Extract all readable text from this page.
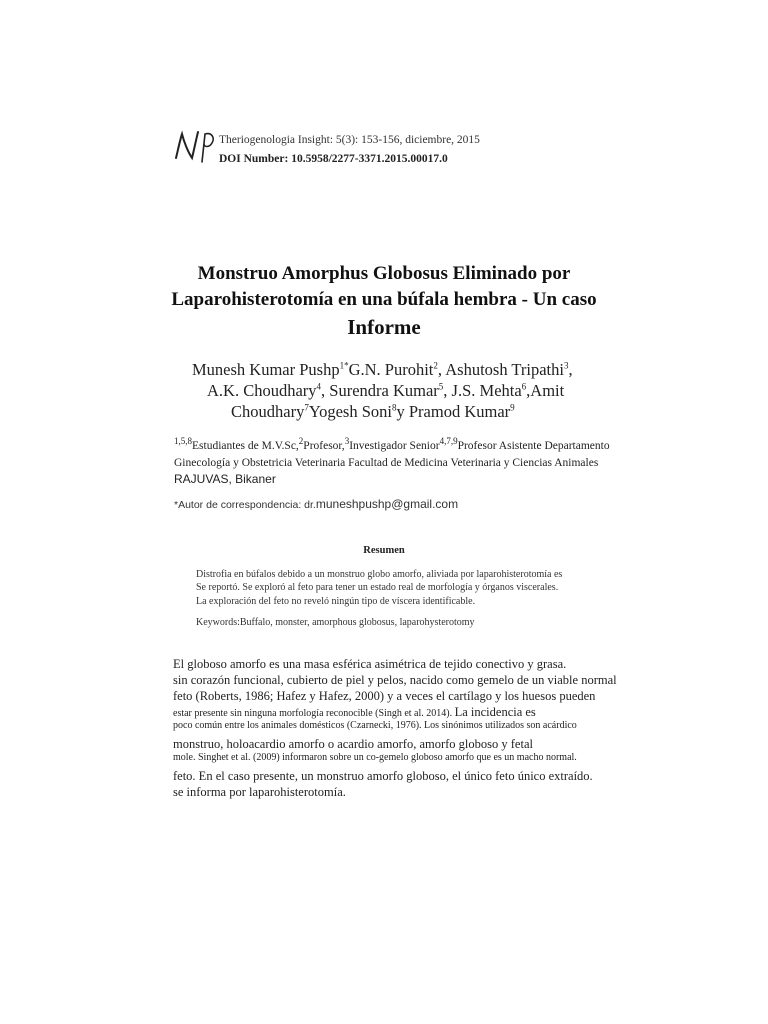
Theriogenologia Insight: 5(3): 153-156, diciembre, 2015
DOI Number: 10.5958/2277-3371.2015.00017.0
Monstruo Amorphus Globosus Eliminado por
Laparohisterotomía en una búfala hembra - Un caso
Informe
Munesh Kumar Pushp$^{1*}$G.N. Purohit$^2$, Ashutosh Tripathi$^3$,
A.K. Choudhary$^4$, Surendra Kumar$^5$, J.S. Mehta$^6$,Amit
Choudhary$^7$Yogesh Soni$^8$y Pramod Kumar$^9$
$^{1,5,8}$Estudiantes de M.V.Sc,$^2$Profesor,$^3$Investigador Senior$^{4,7,9}$Profesor Asistente Departamento
Ginecología y Obstetricia Veterinaria Facultad de Medicina Veterinaria y Ciencias Animales
RAJUVAS, Bikaner
*Autor de correspondencia: dr.muneshpushp@gmail.com
Resumen
Distrofia en búfalos debido a un monstruo globo amorfo, aliviada por laparohisterotomía es
Se reportó. Se exploró al feto para tener un estado real de morfología y órganos viscerales.
La exploración del feto no reveló ningún tipo de víscera identificable.
Keywords:Buffalo, monster, amorphous globosus, laparohysterotomy
El globoso amorfo es una masa esférica asimétrica de tejido conectivo y grasa.
sin corazón funcional, cubierto de piel y pelos, nacido como gemelo de un viable normal
feto (Roberts, 1986; Hafez y Hafez, 2000) y a veces el cartílago y los huesos pueden
estar presente sin ninguna morfología reconocible (Singh et al. 2014). La incidencia es
poco común entre los animales domésticos (Czarnecki, 1976). Los sinónimos utilizados son acárdico
monstruo, holoacardio amorfo o acardio amorfo, amorfo globoso y fetal
mole. Singhet et al. (2009) informaron sobre un co-gemelo globoso amorfo que es un macho normal.
feto. En el caso presente, un monstruo amorfo globoso, el único feto único extraído.
se informa por laparohisterotomía.
